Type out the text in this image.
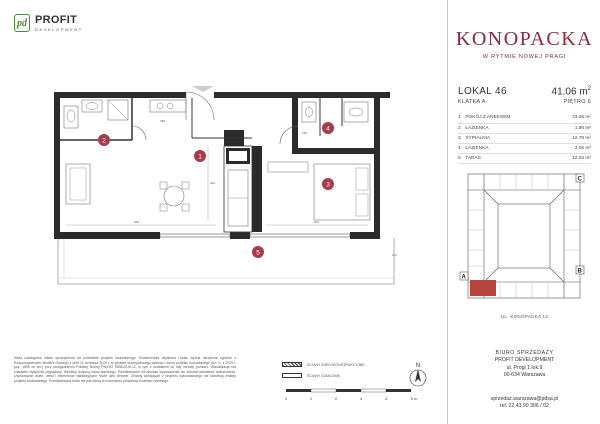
pd PROFIT
DEVELOPMENT
968	606
429
388
160
110
1
2
3
4
5
Karta katalogowa lokalu sporządzona na podstawie projektu budowlanego. Powierzchnia użytkowa Lokalu będzie określona zgodnie z Rozporządzeniem Ministra Rozwoju z dnia 11 września 2020 r. w sprawie szczegółowego zakresu i formy projektu budowlanego (Dz. U. z 2020 r. poz. 1609 ze zm.) przy uwzględnieniu Polskiej Normy PN-ISO 9836:2015-12, w tym z dodatkiem do niej metody pomiaru. Wizualizacja ma charakter wyłącznie poglądowy. Wymiary dotyczą stanu surowego. Przedstawione na rysunku wyposażenie nie stanowi standardu wykończenia. Usytuowanie okien, drzwi i elementów instalacyjnych może ulec zmianie. Zmiany wynikające z projektu wykonawczego nie stanowią zmiany projektu budowlanego. Przedstawiona karta nie jest ofertą w rozumieniu przepisów Kodeksu cywilnego.
ŚCIANY WIELOKONSTRUKCYJNE
ŚCIANY DZIAŁOWE
N
0	1	2	3	4	5 m
KONOPACKA
W RYTMIE NOWEJ PRAGI
LOKAL 46	41.06 $m^2$
KLATKA A	PIĘTRO 6
1 POKÓJ Z ANEKSEM	23.25 m²
2 ŁAZIENKA	1.98 m²
3 SYPIALNIA	12.78 m²
4 ŁAZIENKA	3.05 m²
5 TARAS	12.03 m²
A
B
C
UL. KONOPACKA 12
BIURO SPRZEDAŻY
PROFIT DEVELOPMENT
ul. Progi 1 lok.9
00-634 Warszawa
sprzedaz.warszawa@pdsa.pl
tel. 22 43 90 306 / 02
